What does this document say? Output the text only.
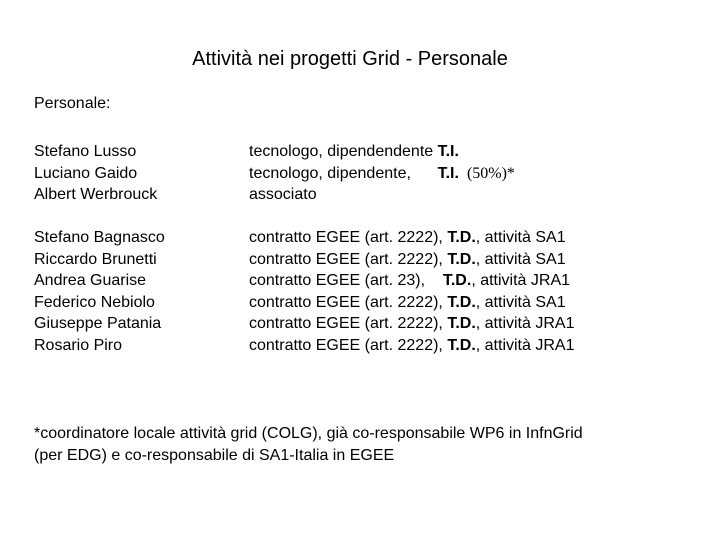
Attività nei progetti Grid - Personale
Personale:
Stefano Lusso	tecnologo, dipendendente T.I.
Luciano Gaido	tecnologo, dipendente,      T.I.  (50%)*
Albert Werbrouck	associato
Stefano Bagnasco	contratto EGEE (art. 2222), T.D., attività SA1
Riccardo Brunetti	contratto EGEE (art. 2222), T.D., attività SA1
Andrea Guarise	contratto EGEE (art. 23),    T.D., attività JRA1
Federico Nebiolo	contratto EGEE (art. 2222), T.D., attività SA1
Giuseppe Patania	contratto EGEE (art. 2222), T.D., attività JRA1
Rosario Piro	contratto EGEE (art. 2222), T.D., attività JRA1
*coordinatore locale attività grid (COLG), già co-responsabile WP6 in InfnGrid
(per EDG) e co-responsabile di SA1-Italia in EGEE
